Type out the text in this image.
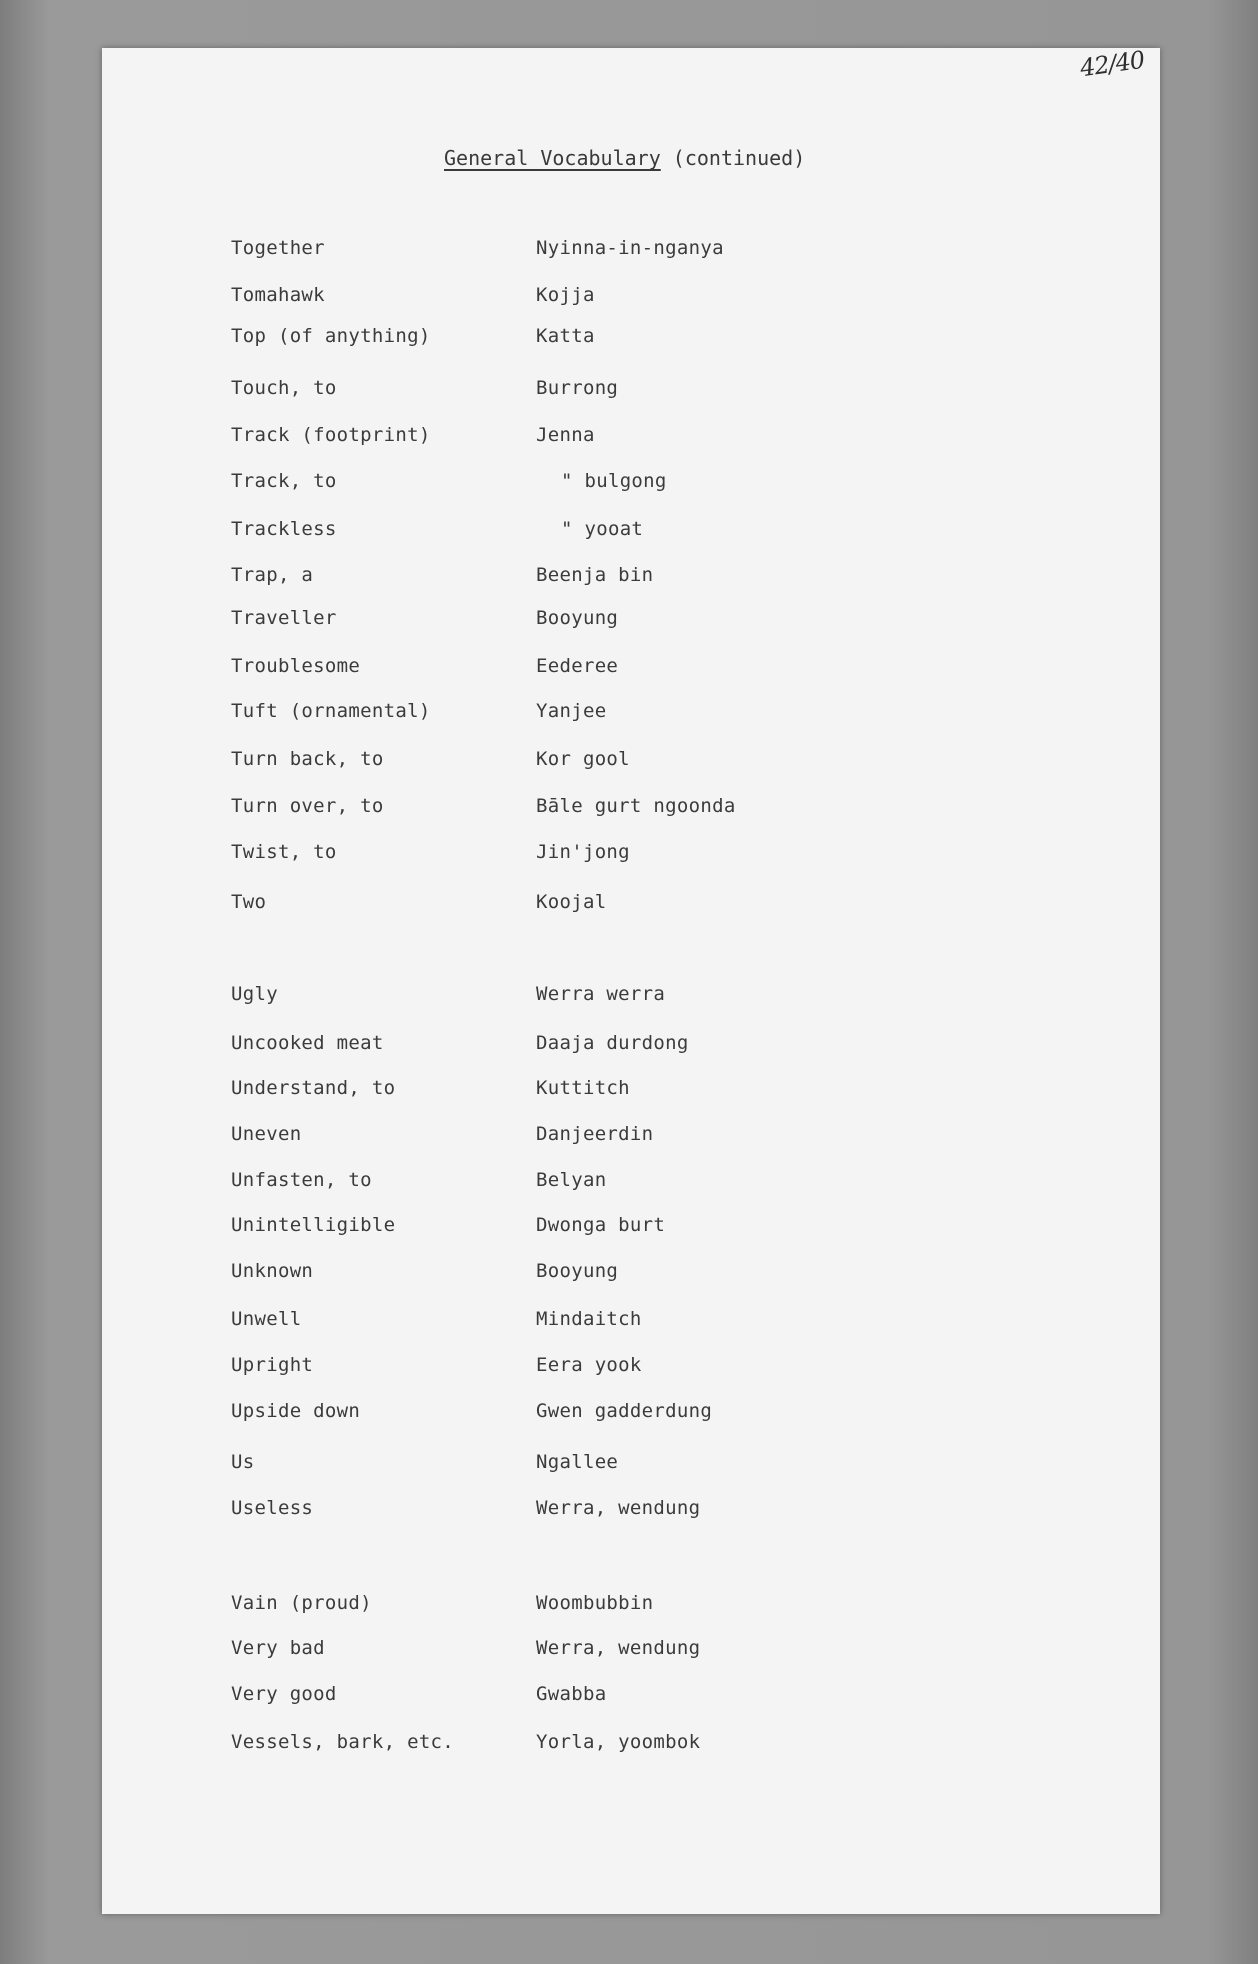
42/40
General Vocabulary (continued)
Together	Nyinna-in-nganya
Tomahawk	Kojja
Top (of anything)	Katta
Touch, to	Burrong
Track (footprint)	Jenna
Track, to	" bulgong
Trackless	" yooat
Trap, a	Beenja bin
Traveller	Booyung
Troublesome	Eederee
Tuft (ornamental)	Yanjee
Turn back, to	Kor gool
Turn over, to	Bāle gurt ngoonda
Twist, to	Jin'jong
Two	Koojal
Ugly	Werra werra
Uncooked meat	Daaja durdong
Understand, to	Kuttitch
Uneven	Danjeerdin
Unfasten, to	Belyan
Unintelligible	Dwonga burt
Unknown	Booyung
Unwell	Mindaitch
Upright	Eera yook
Upside down	Gwen gadderdung
Us	Ngallee
Useless	Werra, wendung
Vain (proud)	Woombubbin
Very bad	Werra, wendung
Very good	Gwabba
Vessels, bark, etc.	Yorla, yoombok
